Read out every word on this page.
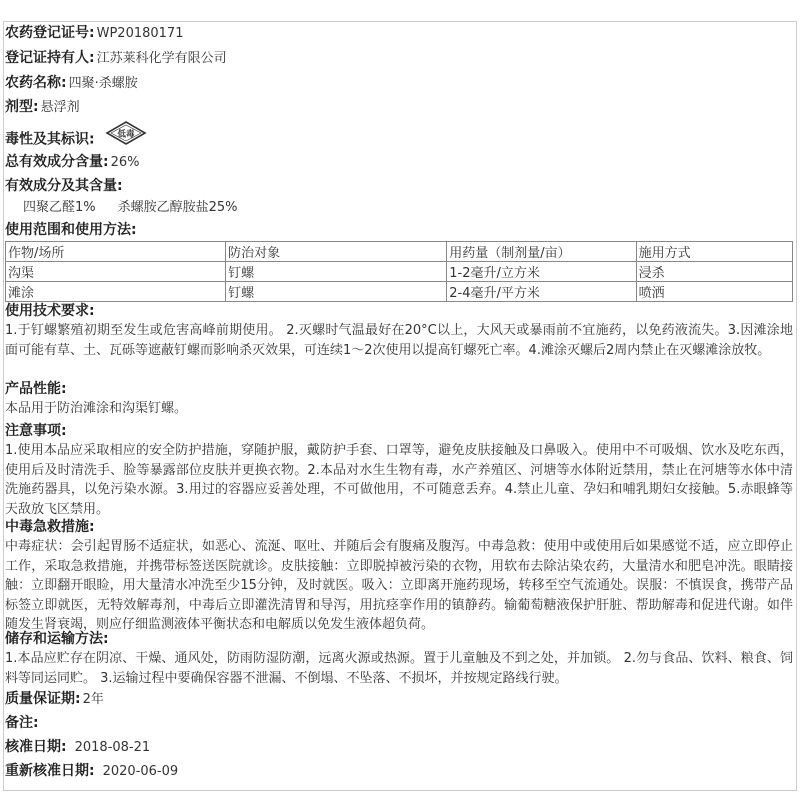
农药登记证号: WP20180171
登记证持有人: 江苏莱科化学有限公司
农药名称: 四聚·杀螺胺
剂型: 悬浮剂
毒性及其标识:	低毒
总有效成分含量: 26%
有效成分及其含量:
四聚乙醛1% 杀螺胺乙醇胺盐25%
使用范围和使用方法:
作物/场所	防治对象	用药量（制剂量/亩）	施用方式
沟渠	钉螺	1-2毫升/立方米	浸杀
滩涂	钉螺	2-4毫升/平方米	喷洒
使用技术要求:
1.于钉螺繁殖初期至发生或危害高峰前期使用。 2.灭螺时气温最好在20°C以上，大风天或暴雨前不宜施药，以免药液流失。3.因滩涂地面可能有草、土、瓦砾等遮蔽钉螺而影响杀灭效果，可连续1～2次使用以提高钉螺死亡率。4.滩涂灭螺后2周内禁止在灭螺滩涂放牧。
产品性能:
本品用于防治滩涂和沟渠钉螺。
注意事项:
1.使用本品应采取相应的安全防护措施，穿随护服，戴防护手套、口罩等，避免皮肤接触及口鼻吸入。使用中不可吸烟、饮水及吃东西，使用后及时清洗手、脸等暴露部位皮肤并更换衣物。2.本品对水生生物有毒，水产养殖区、河塘等水体附近禁用，禁止在河塘等水体中清洗施药器具，以免污染水源。3.用过的容器应妥善处理，不可做他用，不可随意丢弃。4.禁止儿童、孕妇和哺乳期妇女接触。5.赤眼蜂等天敌放飞区禁用。
中毒急救措施:
中毒症状：会引起胃肠不适症状，如恶心、流涎、呕吐、并随后会有腹痛及腹泻。中毒急救：使用中或使用后如果感觉不适，应立即停止工作，采取急救措施，并携带标签送医院就诊。皮肤接触：立即脱掉被污染的衣物，用软布去除沾染农药，大量清水和肥皂冲洗。眼睛接触：立即翻开眼睑，用大量清水冲洗至少15分钟，及时就医。吸入：立即离开施药现场，转移至空气流通处。误服：不慎误食，携带产品标签立即就医，无特效解毒剂，中毒后立即灌洗清胃和导泻，用抗痉挛作用的镇静药。输葡萄糖液保护肝脏、帮助解毒和促进代谢。如伴随发生肾衰竭，则应仔细监测液体平衡状态和电解质以免发生液体超负荷。
储存和运输方法:
1.本品应贮存在阴凉、干燥、通风处，防雨防湿防潮，远离火源或热源。置于儿童触及不到之处，并加锁。 2.勿与食品、饮料、粮食、饲料等同运同贮。 3.运输过程中要确保容器不泄漏、不倒塌、不坠落、不损坏，并按规定路线行驶。
质量保证期: 2年
备注:
核准日期: 2018-08-21
重新核准日期: 2020-06-09
